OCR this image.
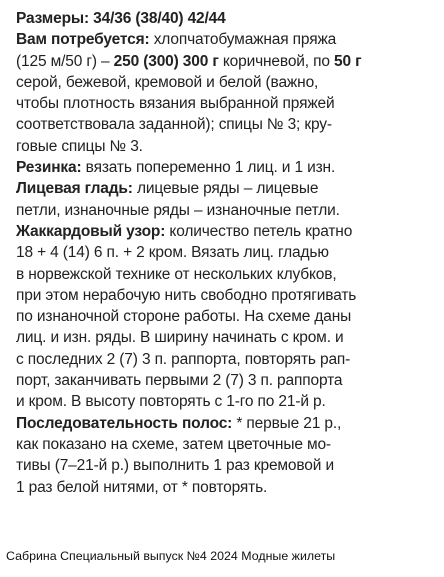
Размеры: 34/36 (38/40) 42/44
Вам потребуется: хлопчатобумажная пряжа
(125 м/50 г) – 250 (300) 300 г коричневой, по 50 г
серой, бежевой, кремовой и белой (важно,
чтобы плотность вязания выбранной пряжей
соответствовала заданной); спицы № 3; кру-
говые спицы № 3.
Резинка: вязать попеременно 1 лиц. и 1 изн.
Лицевая гладь: лицевые ряды – лицевые
петли, изнаночные ряды – изнаночные петли.
Жаккардовый узор: количество петель кратно
18 + 4 (14) 6 п. + 2 кром. Вязать лиц. гладью
в норвежской технике от нескольких клубков,
при этом нерабочую нить свободно протягивать
по изнаночной стороне работы. На схеме даны
лиц. и изн. ряды. В ширину начинать с кром. и
с последних 2 (7) 3 п. раппорта, повторять рап-
порт, заканчивать первыми 2 (7) 3 п. раппорта
и кром. В высоту повторять с 1-го по 21-й р.
Последовательность полос: * первые 21 р.,
как показано на схеме, затем цветочные мо-
тивы (7–21-й р.) выполнить 1 раз кремовой и
1 раз белой нитями, от * повторять.
Сабрина Специальный выпуск №4 2024 Модные жилеты
